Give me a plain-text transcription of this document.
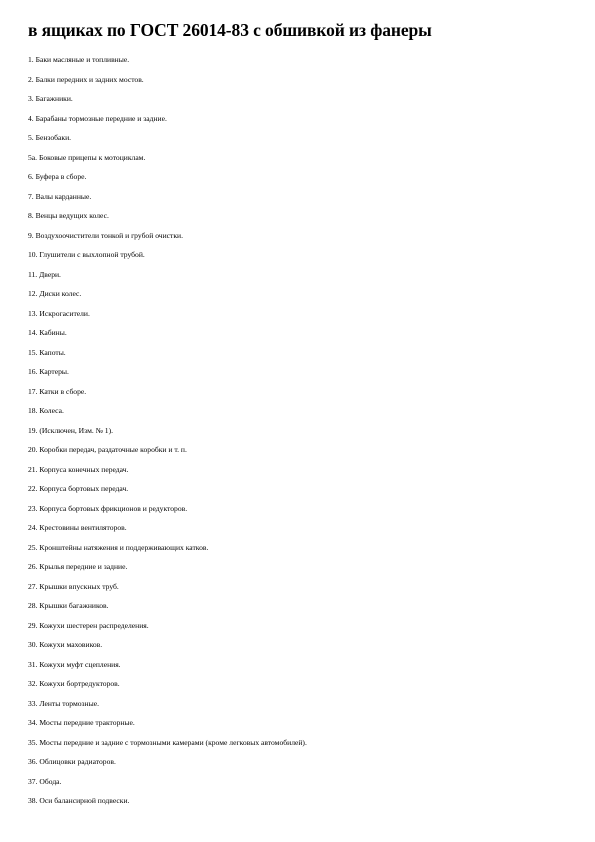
в ящиках по ГОСТ 26014-83 с обшивкой из фанеры
1. Баки масляные и топливные.
2. Балки передних и задних мостов.
3. Багажники.
4. Барабаны тормозные передние и задние.
5. Бензобаки.
5а. Боковые прицепы к мотоциклам.
6. Буфера в сборе.
7. Валы карданные.
8. Венцы ведущих колес.
9. Воздухоочистители тонкой и грубой очистки.
10. Глушители с выхлопной трубой.
11. Двери.
12. Диски колес.
13. Искрогасители.
14. Кабины.
15. Капоты.
16. Картеры.
17. Катки в сборе.
18. Колеса.
19. (Исключен, Изм. № 1).
20. Коробки передач, раздаточные коробки и т. п.
21. Корпуса конечных передач.
22. Корпуса бортовых передач.
23. Корпуса бортовых фрикционов и редукторов.
24. Крестовины вентиляторов.
25. Кронштейны натяжения и поддерживающих катков.
26. Крылья передние и задние.
27. Крышки впускных труб.
28. Крышки багажников.
29. Кожухи шестерен распределения.
30. Кожухи маховиков.
31. Кожухи муфт сцепления.
32. Кожухи бортредукторов.
33. Ленты тормозные.
34. Мосты передние тракторные.
35. Мосты передние и задние с тормозными камерами (кроме легковых автомобилей).
36. Облицовки радиаторов.
37. Обода.
38. Оси балансирной подвески.
